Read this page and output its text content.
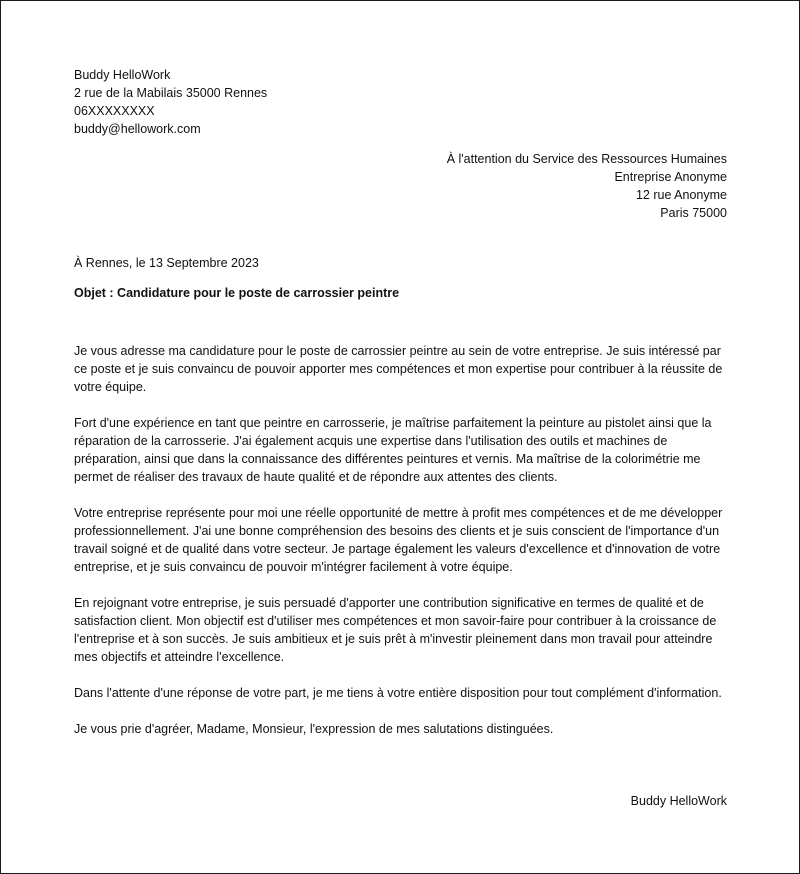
Buddy HelloWork
2 rue de la Mabilais 35000 Rennes
06XXXXXXXX
buddy@hellowork.com
À l'attention du Service des Ressources Humaines
Entreprise Anonyme
12 rue Anonyme
Paris 75000
À Rennes, le 13 Septembre 2023
Objet : Candidature pour le poste de carrossier peintre

Je vous adresse ma candidature pour le poste de carrossier peintre au sein de votre entreprise. Je suis intéressé par ce poste et je suis convaincu de pouvoir apporter mes compétences et mon expertise pour contribuer à la réussite de votre équipe.

Fort d'une expérience en tant que peintre en carrosserie, je maîtrise parfaitement la peinture au pistolet ainsi que la réparation de la carrosserie. J'ai également acquis une expertise dans l'utilisation des outils et machines de préparation, ainsi que dans la connaissance des différentes peintures et vernis. Ma maîtrise de la colorimétrie me permet de réaliser des travaux de haute qualité et de répondre aux attentes des clients.

Votre entreprise représente pour moi une réelle opportunité de mettre à profit mes compétences et de me développer professionnellement. J'ai une bonne compréhension des besoins des clients et je suis conscient de l'importance d'un travail soigné et de qualité dans votre secteur. Je partage également les valeurs d'excellence et d'innovation de votre entreprise, et je suis convaincu de pouvoir m'intégrer facilement à votre équipe.

En rejoignant votre entreprise, je suis persuadé d'apporter une contribution significative en termes de qualité et de satisfaction client. Mon objectif est d'utiliser mes compétences et mon savoir-faire pour contribuer à la croissance de l'entreprise et à son succès. Je suis ambitieux et je suis prêt à m'investir pleinement dans mon travail pour atteindre mes objectifs et atteindre l'excellence.

Dans l'attente d'une réponse de votre part, je me tiens à votre entière disposition pour tout complément d'information.

Je vous prie d'agréer, Madame, Monsieur, l'expression de mes salutations distinguées.

Buddy HelloWork
